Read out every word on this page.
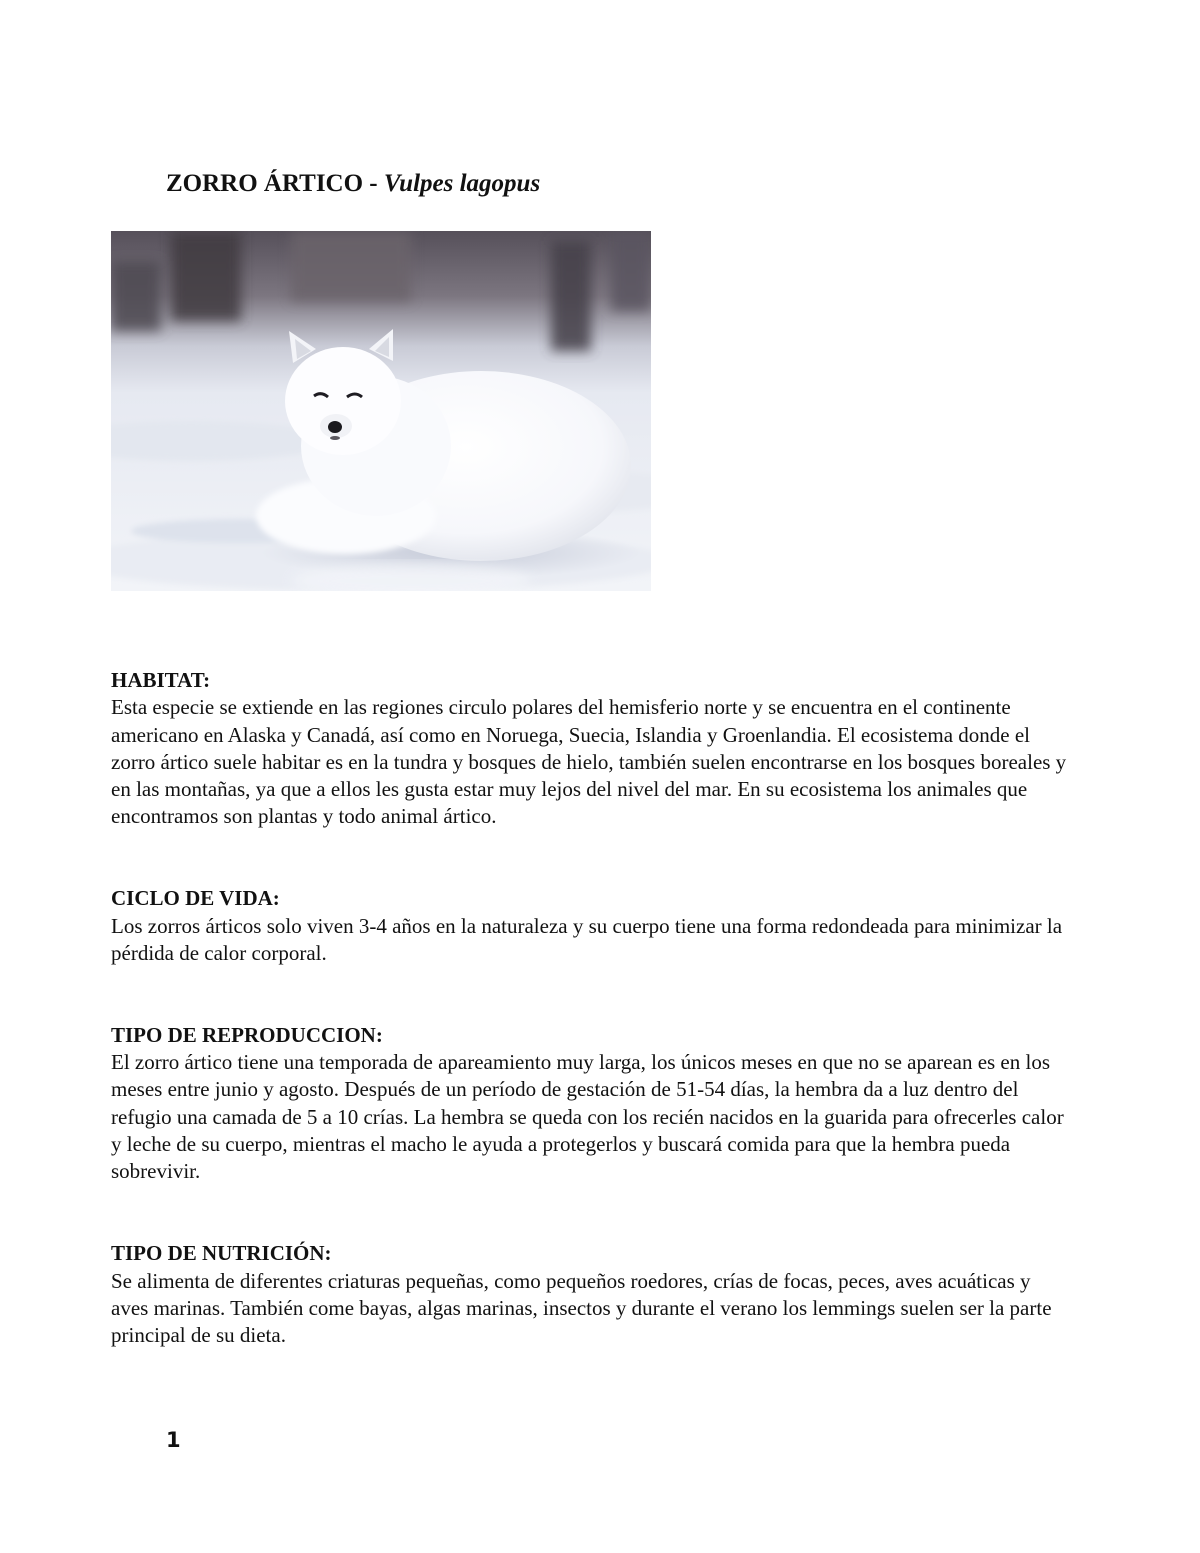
ZORRO ÁRTICO - Vulpes lagopus
HABITAT:

Esta especie se extiende en las regiones circulo polares del hemisferio norte y se encuentra en el continente americano en Alaska y Canadá, así como en Noruega, Suecia, Islandia y Groenlandia. El ecosistema donde el zorro ártico suele habitar es en la tundra y bosques de hielo, también suelen encontrarse en los bosques boreales y en las montañas, ya que a ellos les gusta estar muy lejos del nivel del mar. En su ecosistema los animales que encontramos son plantas y todo animal ártico.

CICLO DE VIDA:

Los zorros árticos solo viven 3-4 años en la naturaleza y su cuerpo tiene una forma redondeada para minimizar la pérdida de calor corporal.

TIPO DE REPRODUCCION:

El zorro ártico tiene una temporada de apareamiento muy larga, los únicos meses en que no se aparean es en los meses entre junio y agosto. Después de un período de gestación de 51-54 días, la hembra da a luz dentro del refugio una camada de 5 a 10 crías. La hembra se queda con los recién nacidos en la guarida para ofrecerles calor y leche de su cuerpo, mientras el macho le ayuda a protegerlos y buscará comida para que la hembra pueda sobrevivir.

TIPO DE NUTRICIÓN:

Se alimenta de diferentes criaturas pequeñas, como pequeños roedores, crías de focas, peces, aves acuáticas y aves marinas. También come bayas, algas marinas, insectos y durante el verano los lemmings suelen ser la parte principal de su dieta.

1
